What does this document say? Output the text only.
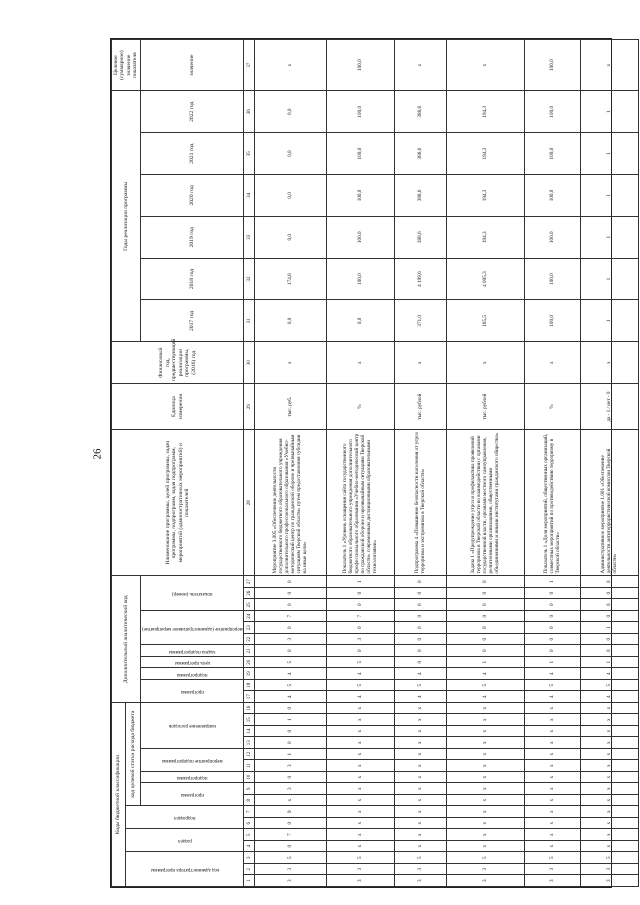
26
Коды бюджетной классификации																Дополнительный аналитический код											Наименование программы, целей программы, задач программы, подпрограмм, задач подпрограмм, мероприятий (административных мероприятий) и показателей	Единица измерения	Финансовый год, предшествующий реализации программы, (2016) год	Годы реализации программы						Целевое (суммарное) значение показателя

код администратора программы			раздел		подраздел		код целевой статьи расхода бюджета																													

							программа		подпрограмма	мероприятие подпрограммы		направление расходов				программа		подпрограмма	цель программы	задача подпрограммы	мероприятие (административное мероприятие)			показатель (номер)						2017 год	2018 год	2019 год	2020 год	2021 год	2022 год	значение
1	2	3	4	5	6	7	8	9	10	11	12	13	14	15	16	17	18	19	20	21	22	23	24	25	26	27	28	29	30	31	32	33	34	35	36	37
3	3	5	0	7	0	9	x	3	0	3	1	0	0	1	0	4	5	4	5	0	3	0	7	0	0	0	Мероприятие 3.005 «Обеспечение деятельности государственного бюджетного образовательного учреждения дополнительного профессионального образования «Учебно-методический центр по гражданской обороне и чрезвычайным ситуациям Тверской области» путем предоставления субсидии на иные цели»	тыс. руб.	x	0,0	174,8	0,0	0,0	0,0	0,0	x
3	3	5	x	x	x	x	x	x	x	x	x	x	x	x	x	4	5	4	5	0	3	0	7	0	0	1	Показатель 1 «Уровень оснащения сайта государственного бюджетного образовательного учреждения дополнительного профессионального образования «Учебно-методический центр по гражданской обороне и чрезвычайным ситуациям Тверской области» современным дистанционными образовательными технологиями»	%	x	0,0	100,0	100,0	100,0	100,0	100,0	100,0
3	3	5	x	x	x	x	x	x	x	x	x	x	x	x	x	4	5	4	0	0	0	0	0	0	0	0	Подпрограмма 4 «Повышение безопасности населения от угроз терроризма и экстремизма в Тверской области»	тыс. рублей	x	371,0	4 199,6	388,6	388,6	388,6	388,6	x
3	3	5	x	x	x	x	x	x	x	x	x	x	x	x	x	4	5	4	1	0	0	0	0	0	0	0	Задача 1 «Предупреждение угроз и профилактика проявлений терроризма в Тверской области во взаимодействии с органами государственной власти, органами местного самоуправления, религиозными организациями, общественными объединениями и иными институтами гражданского общества»	тыс. рублей	x	185,5	4 005,3	194,3	194,3	194,3	194,3	x
3	3	5	x	x	x	x	x	x	x	x	x	x	x	x	x	4	5	4	1	0	0	0	0	0	0	1	Показатель 1 «Доля мероприятий, общественных организаций, совместных мероприятий по противодействию терроризму в Тверской области»	%	x	100,0	100,0	100,0	100,0	100,0	100,0	100,0
3	3	5	x	x	x	x	x	x	x	x	x	x	x	x	x	4	5	4	1	0	0	1	0	0	0	0	Административное мероприятие 1.001 «Обеспечение деятельности антитеррористической комиссии Тверской области»	да - 1 / нет - 0	x	1	1	1	1	1	1	x
